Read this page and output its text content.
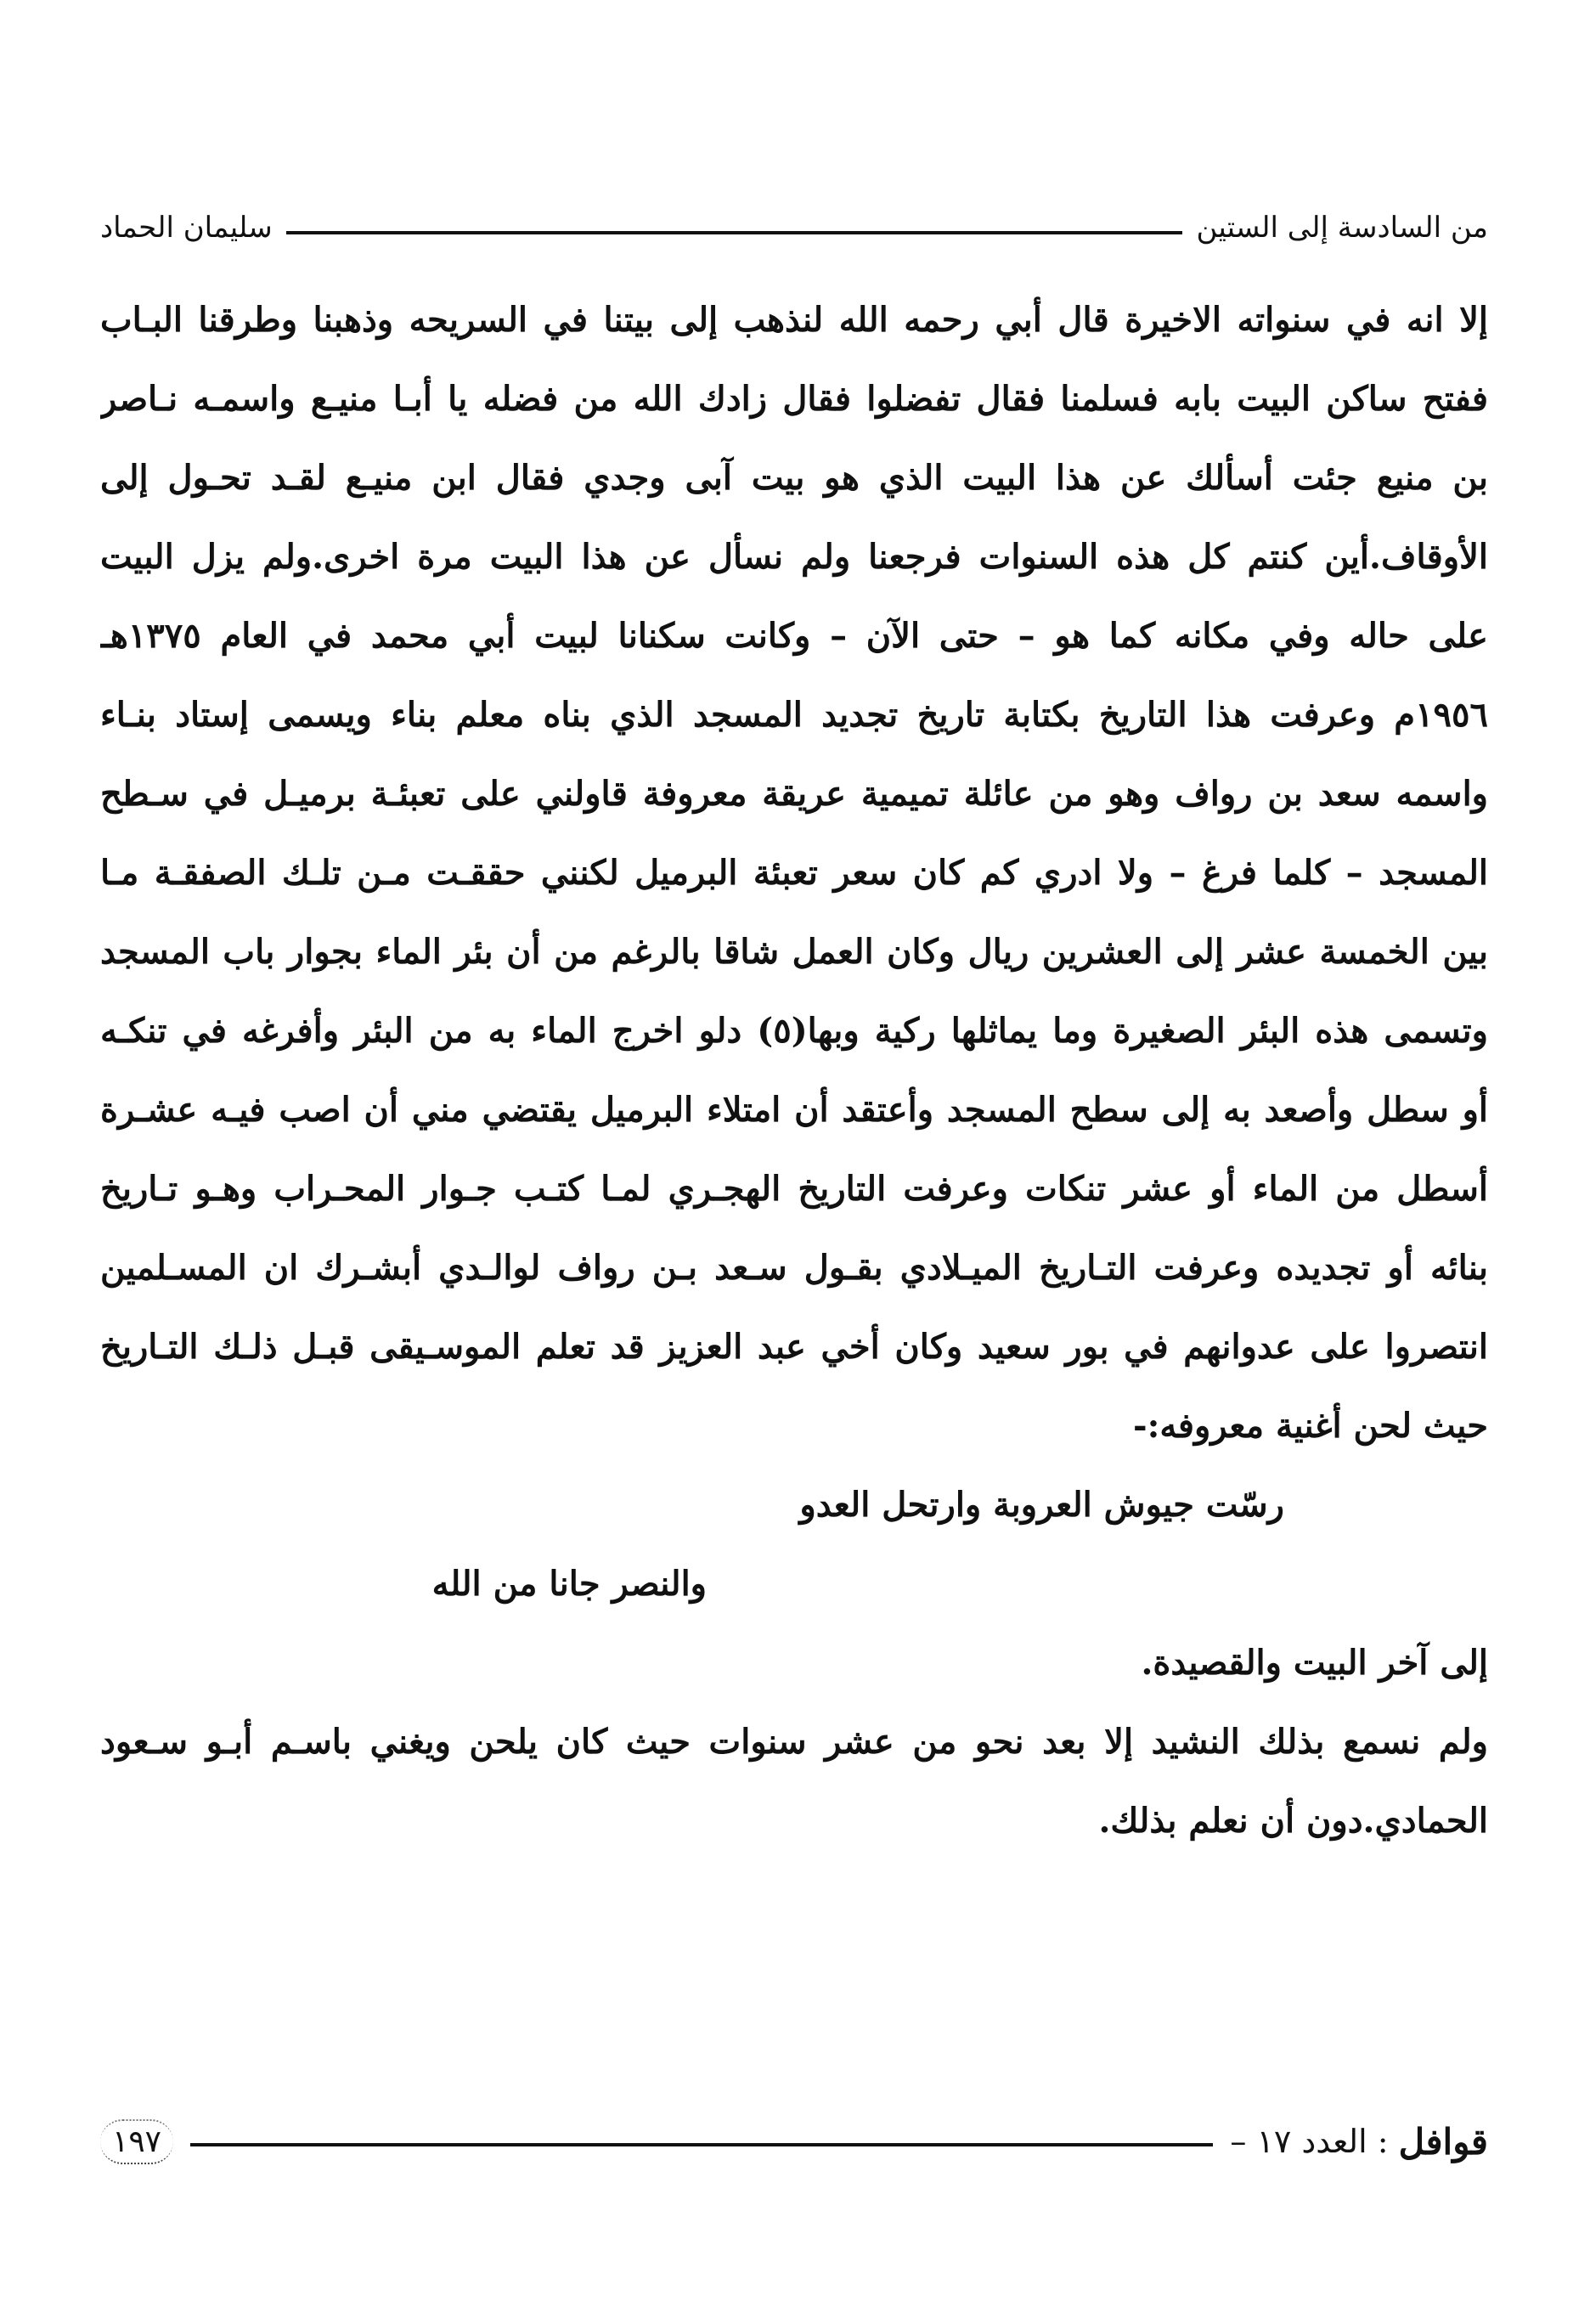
من السادسة إلى الستين
سليمان الحماد
إلا انه في سنواته الاخيرة قال أبي رحمه الله لنذهب إلى بيتنا في السريحه وذهبنا وطرقنا البـاب
ففتح ساكن البيت بابه فسلمنا فقال تفضلوا فقال زادك الله من فضله يا أبـا منيـع واسمـه نـاصر
بن منيع جئت أسألك عن هذا البيت الذي هو بيت آبى وجدي فقال ابن منيـع لقـد تحـول إلى
الأوقاف.أين كنتم كل هذه السنوات فرجعنا ولم نسأل عن هذا البيت مرة اخرى.ولم يزل البيت
على حاله وفي مكانه كما هو – حتى الآن – وكانت سكنانا لبيت أبي محمد في العام ١٣٧٥هـ
١٩٥٦م وعرفت هذا التاريخ بكتابة تاريخ تجديد المسجد الذي بناه معلم بناء ويسمى إستاد بنـاء
واسمه سعد بن رواف وهو من عائلة تميمية عريقة معروفة قاولني على تعبئـة برميـل في سـطح
المسجد – كلما فرغ – ولا ادري كم كان سعر تعبئة البرميل لكنني حققـت مـن تلـك الصفقـة مـا
بين الخمسة عشر إلى العشرين ريال وكان العمل شاقا بالرغم من أن بئر الماء بجوار باب المسجد
وتسمى هذه البئر الصغيرة وما يماثلها ركية وبها(٥) دلو اخرج الماء به من البئر وأفرغه في تنكـه
أو سطل وأصعد به إلى سطح المسجد وأعتقد أن امتلاء البرميل يقتضي مني أن اصب فيـه عشـرة
أسطل من الماء أو عشر تنكات وعرفت التاريخ الهجـري لمـا كتـب جـوار المحـراب وهـو تـاريخ
بنائه أو تجديده وعرفت التـاريخ الميـلادي بقـول سـعد بـن رواف لوالـدي أبشـرك ان المسـلمين
انتصروا على عدوانهم في بور سعيد وكان أخي عبد العزيز قد تعلم الموسـيقى قبـل ذلـك التـاريخ
حيث لحن أغنية معروفه:-
رسّت جيوش العروبة وارتحل العدو
والنصر جانا من الله
إلى آخر البيت والقصيدة.
ولم نسمع بذلك النشيد إلا بعد نحو من عشر سنوات حيث كان يلحن ويغني باسـم أبـو سـعود
الحمادي.دون أن نعلم بذلك.
قوافل

: العدد ١٧ –
١٩٧
